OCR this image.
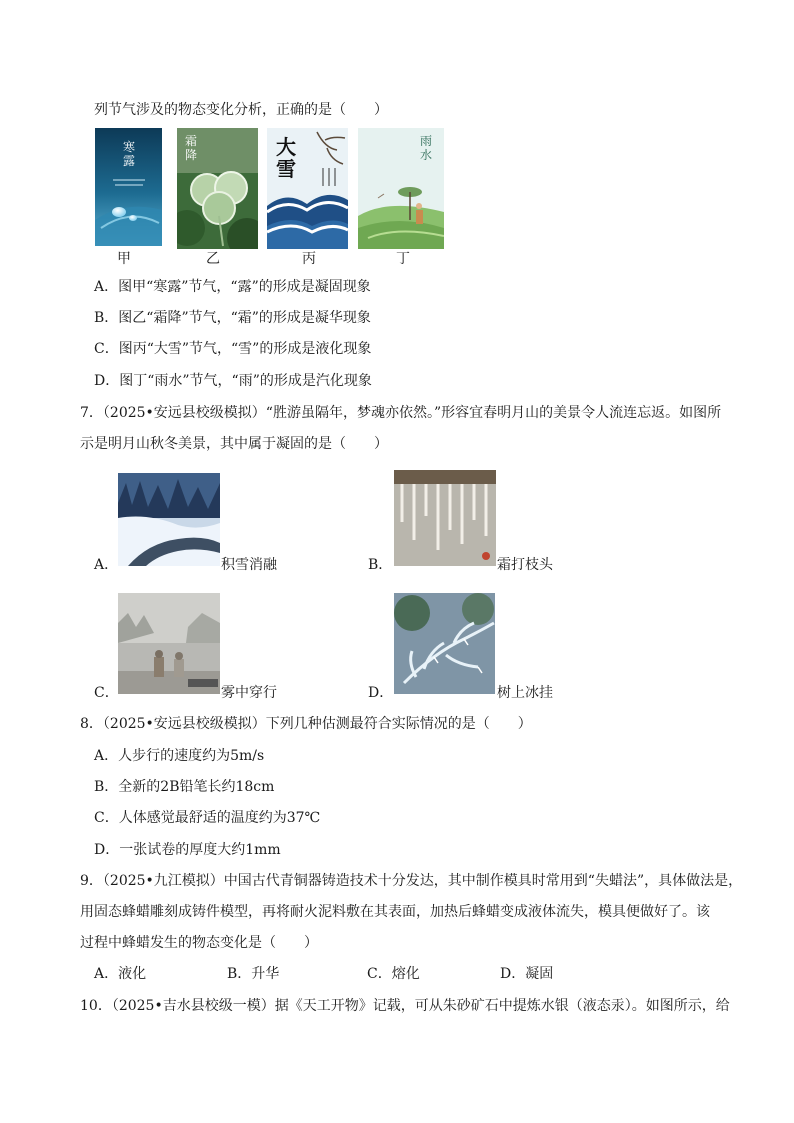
列节气涉及的物态变化分析，正确的是（　　）
寒露
霜降	大雪
雨水
甲	乙	丙	丁
A．图甲“寒露”节气，“露”的形成是凝固现象
B．图乙“霜降”节气，“霜”的形成是凝华现象
C．图丙“大雪”节气，“雪”的形成是液化现象
D．图丁“雨水”节气，“雨”的形成是汽化现象
7．（2025•安远县校级模拟）“胜游虽隔年，梦魂亦依然。”形容宜春明月山的美景令人流连忘返。如图所
示是明月山秋冬美景，其中属于凝固的是（　　）
A．	积雪消融	B．	霜打枝头
C．	雾中穿行	D．	树上冰挂
8．（2025•安远县校级模拟）下列几种估测最符合实际情况的是（　　）
A．人步行的速度约为5m/s
B．全新的2B铅笔长约18cm
C．人体感觉最舒适的温度约为37℃
D．一张试卷的厚度大约1mm
9．（2025•九江模拟）中国古代青铜器铸造技术十分发达，其中制作模具时常用到“失蜡法”，具体做法是，
用固态蜂蜡雕刻成铸件模型，再将耐火泥料敷在其表面，加热后蜂蜡变成液体流失，模具便做好了。该
过程中蜂蜡发生的物态变化是（　　）
A．液化	B．升华	C．熔化	D．凝固
10．（2025•吉水县校级一模）据《天工开物》记载，可从朱砂矿石中提炼水银（液态汞）。如图所示，给
